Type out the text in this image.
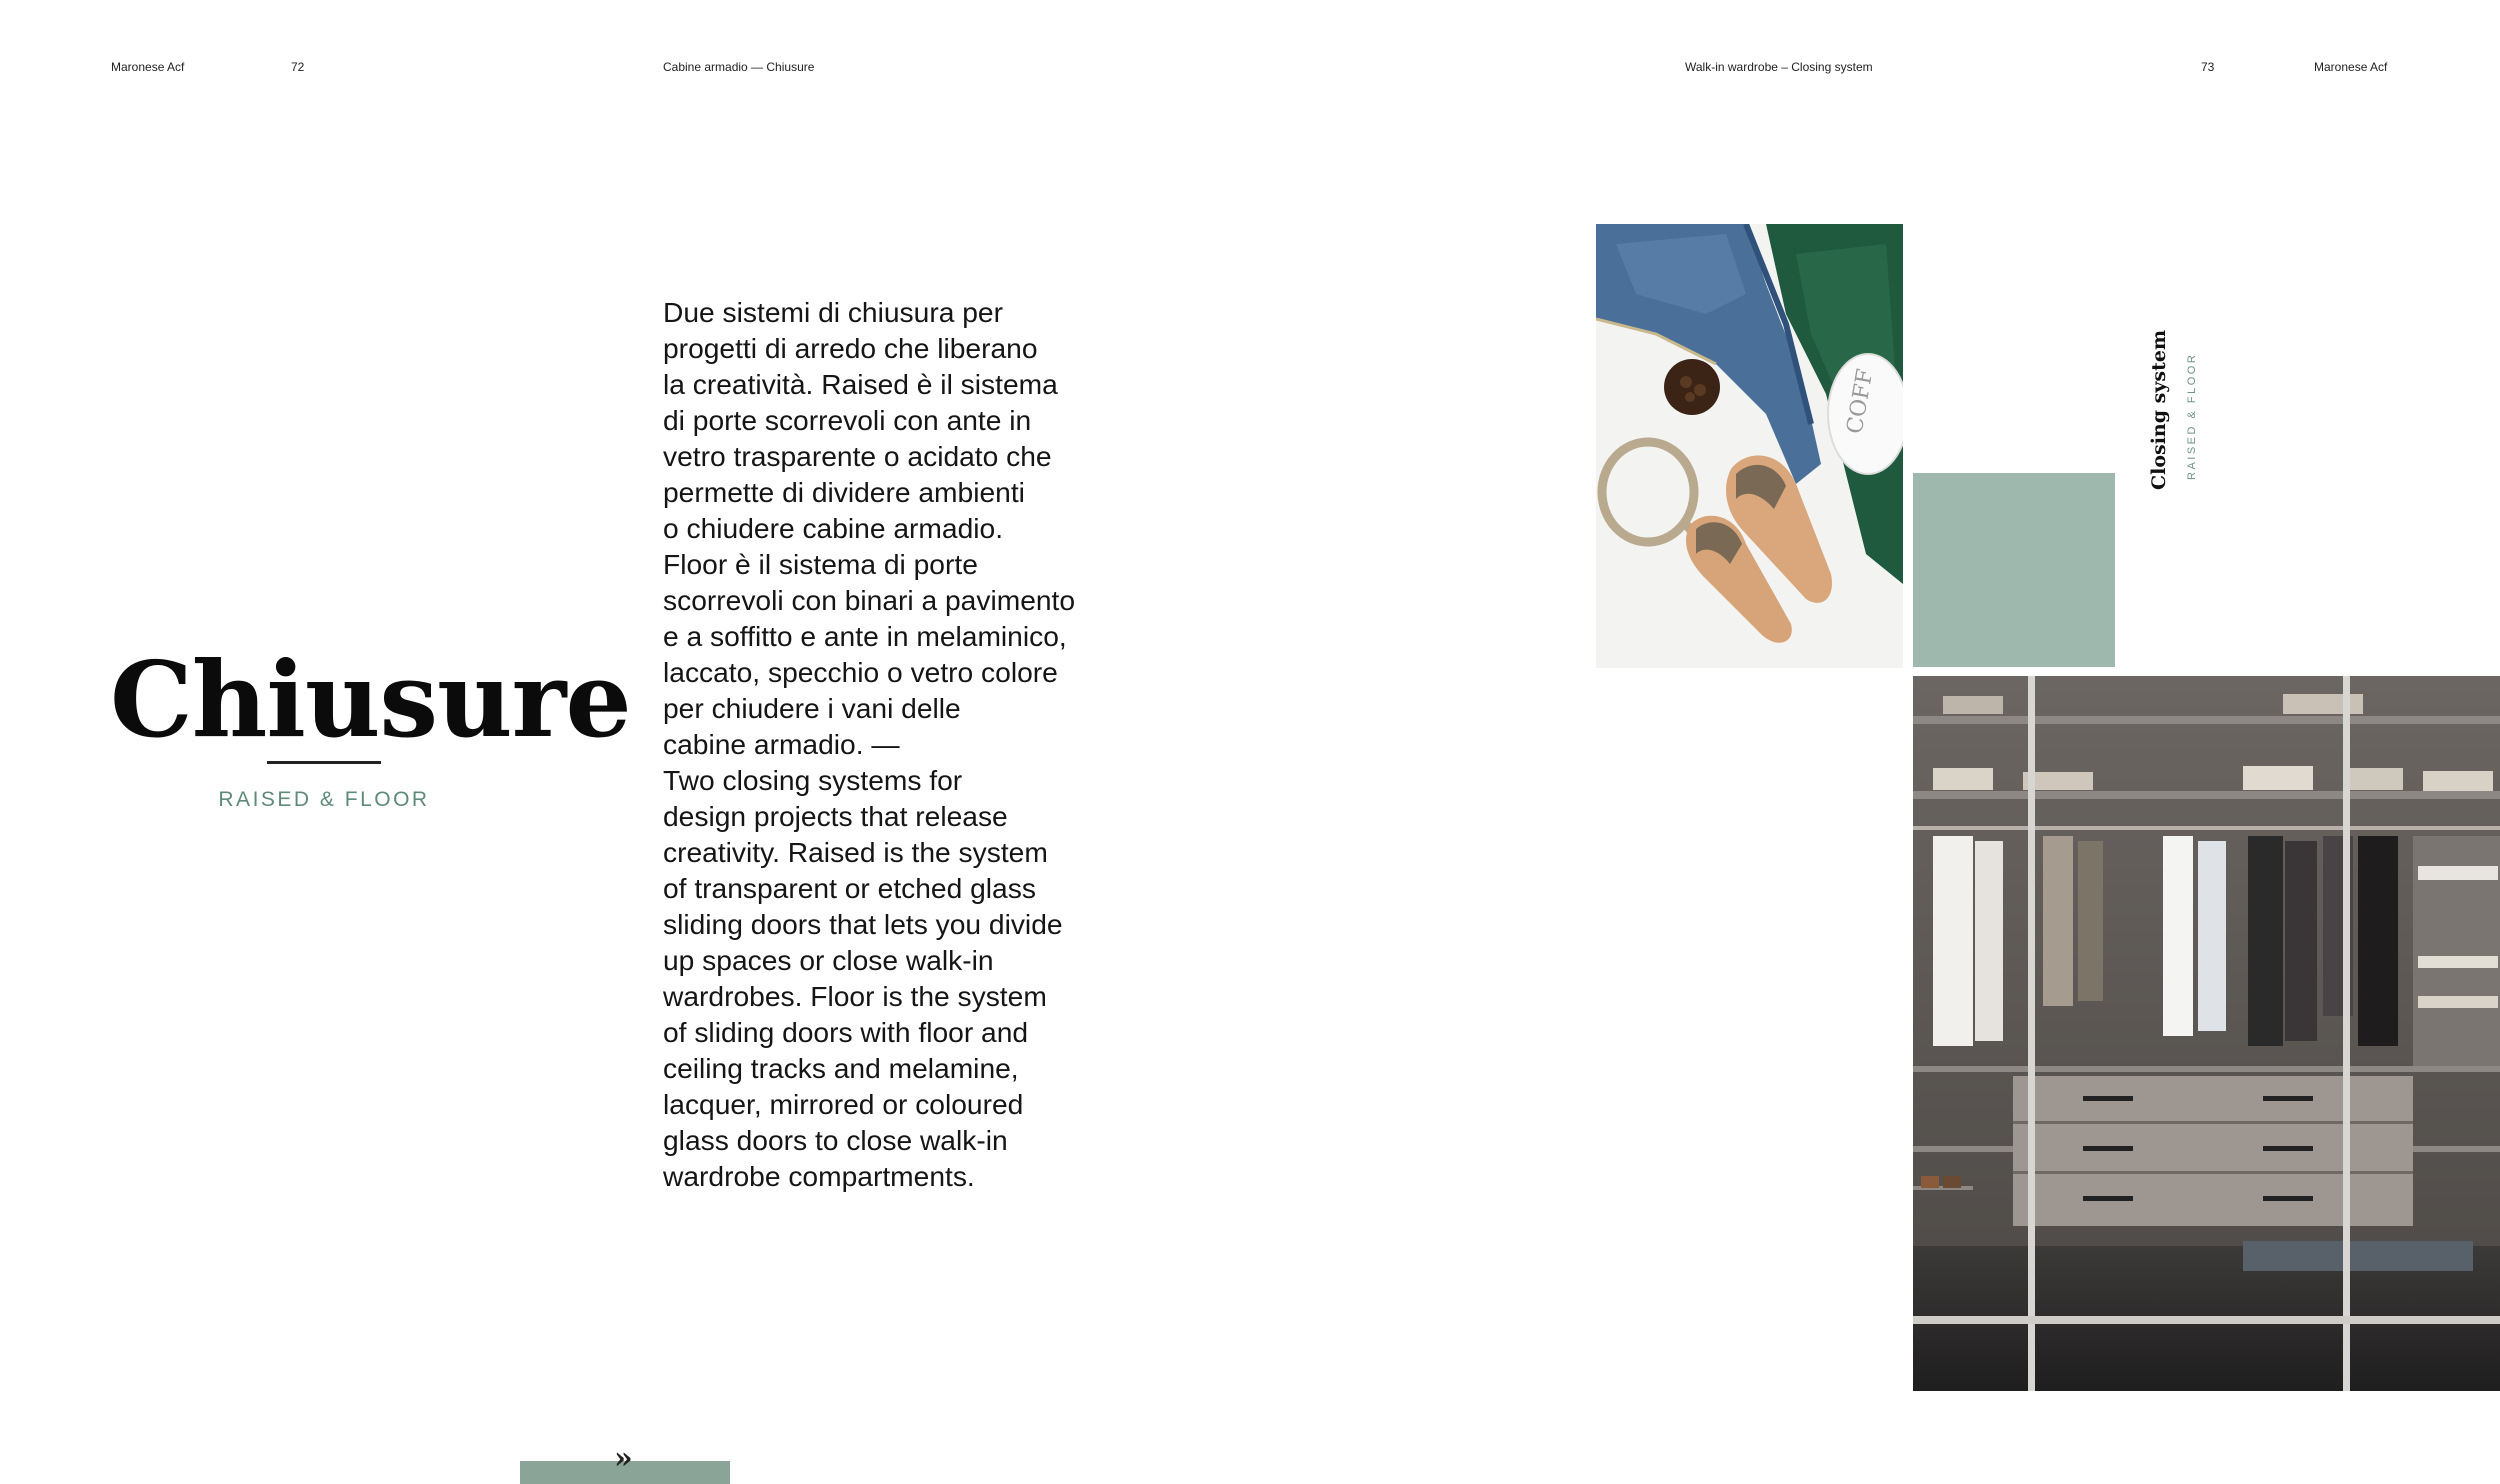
Maronese Acf	72	Cabine armadio — Chiusure	Walk-in wardrobe – Closing system	73	Maronese Acf
Chiusure
RAISED & FLOOR
Due sistemi di chiusura per
progetti di arredo che liberano
la creatività. Raised è il sistema
di porte scorrevoli con ante in
vetro trasparente o acidato che
permette di dividere ambienti
o chiudere cabine armadio.
Floor è il sistema di porte
scorrevoli con binari a pavimento
e a soffitto e ante in melaminico,
laccato, specchio o vetro colore
per chiudere i vani delle
cabine armadio. —
Two closing systems for
design projects that release
creativity. Raised is the system
of transparent or etched glass
sliding doors that lets you divide
up spaces or close walk-in
wardrobes. Floor is the system
of sliding doors with floor and
ceiling tracks and melamine,
lacquer, mirrored or coloured
glass doors to close walk-in
wardrobe compartments.
»
COFF	Closing system RAISED & FLOOR
